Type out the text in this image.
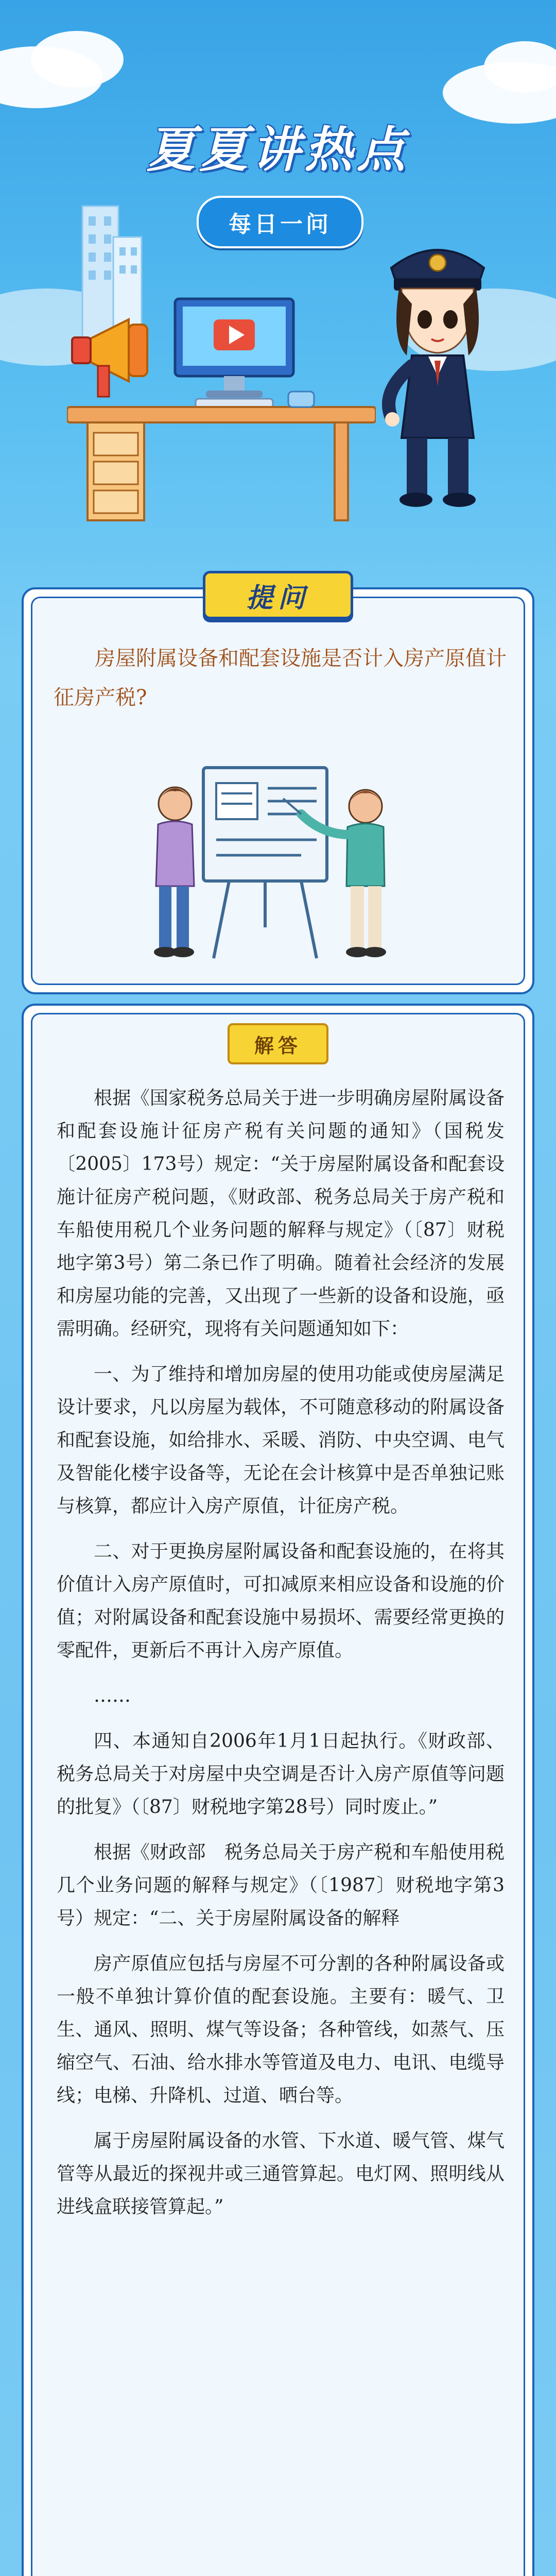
夏夏讲热点
每日一问
提问
房屋附属设备和配套设施是否计入房产原值计征房产税?
解答

根据《国家税务总局关于进一步明确房屋附属设备和配套设施计征房产税有关问题的通知》（国税发〔2005〕173号）规定：“关于房屋附属设备和配套设施计征房产税问题，《财政部、税务总局关于房产税和车船使用税几个业务问题的解释与规定》（〔87〕财税地字第3号）第二条已作了明确。随着社会经济的发展和房屋功能的完善，又出现了一些新的设备和设施，亟需明确。经研究，现将有关问题通知如下：

一、为了维持和增加房屋的使用功能或使房屋满足设计要求，凡以房屋为载体，不可随意移动的附属设备和配套设施，如给排水、采暖、消防、中央空调、电气及智能化楼宇设备等，无论在会计核算中是否单独记账与核算，都应计入房产原值，计征房产税。

二、对于更换房屋附属设备和配套设施的，在将其价值计入房产原值时，可扣减原来相应设备和设施的价值；对附属设备和配套设施中易损坏、需要经常更换的零配件，更新后不再计入房产原值。

……

四、本通知自2006年1月1日起执行。《财政部、税务总局关于对房屋中央空调是否计入房产原值等问题的批复》（〔87〕财税地字第28号）同时废止。”

根据《财政部　税务总局关于房产税和车船使用税几个业务问题的解释与规定》（〔1987〕财税地字第3号）规定：“二、关于房屋附属设备的解释

房产原值应包括与房屋不可分割的各种附属设备或一般不单独计算价值的配套设施。主要有：暖气、卫生、通风、照明、煤气等设备；各种管线，如蒸气、压缩空气、石油、给水排水等管道及电力、电讯、电缆导线；电梯、升降机、过道、晒台等。

属于房屋附属设备的水管、下水道、暖气管、煤气管等从最近的探视井或三通管算起。电灯网、照明线从进线盒联接管算起。”
